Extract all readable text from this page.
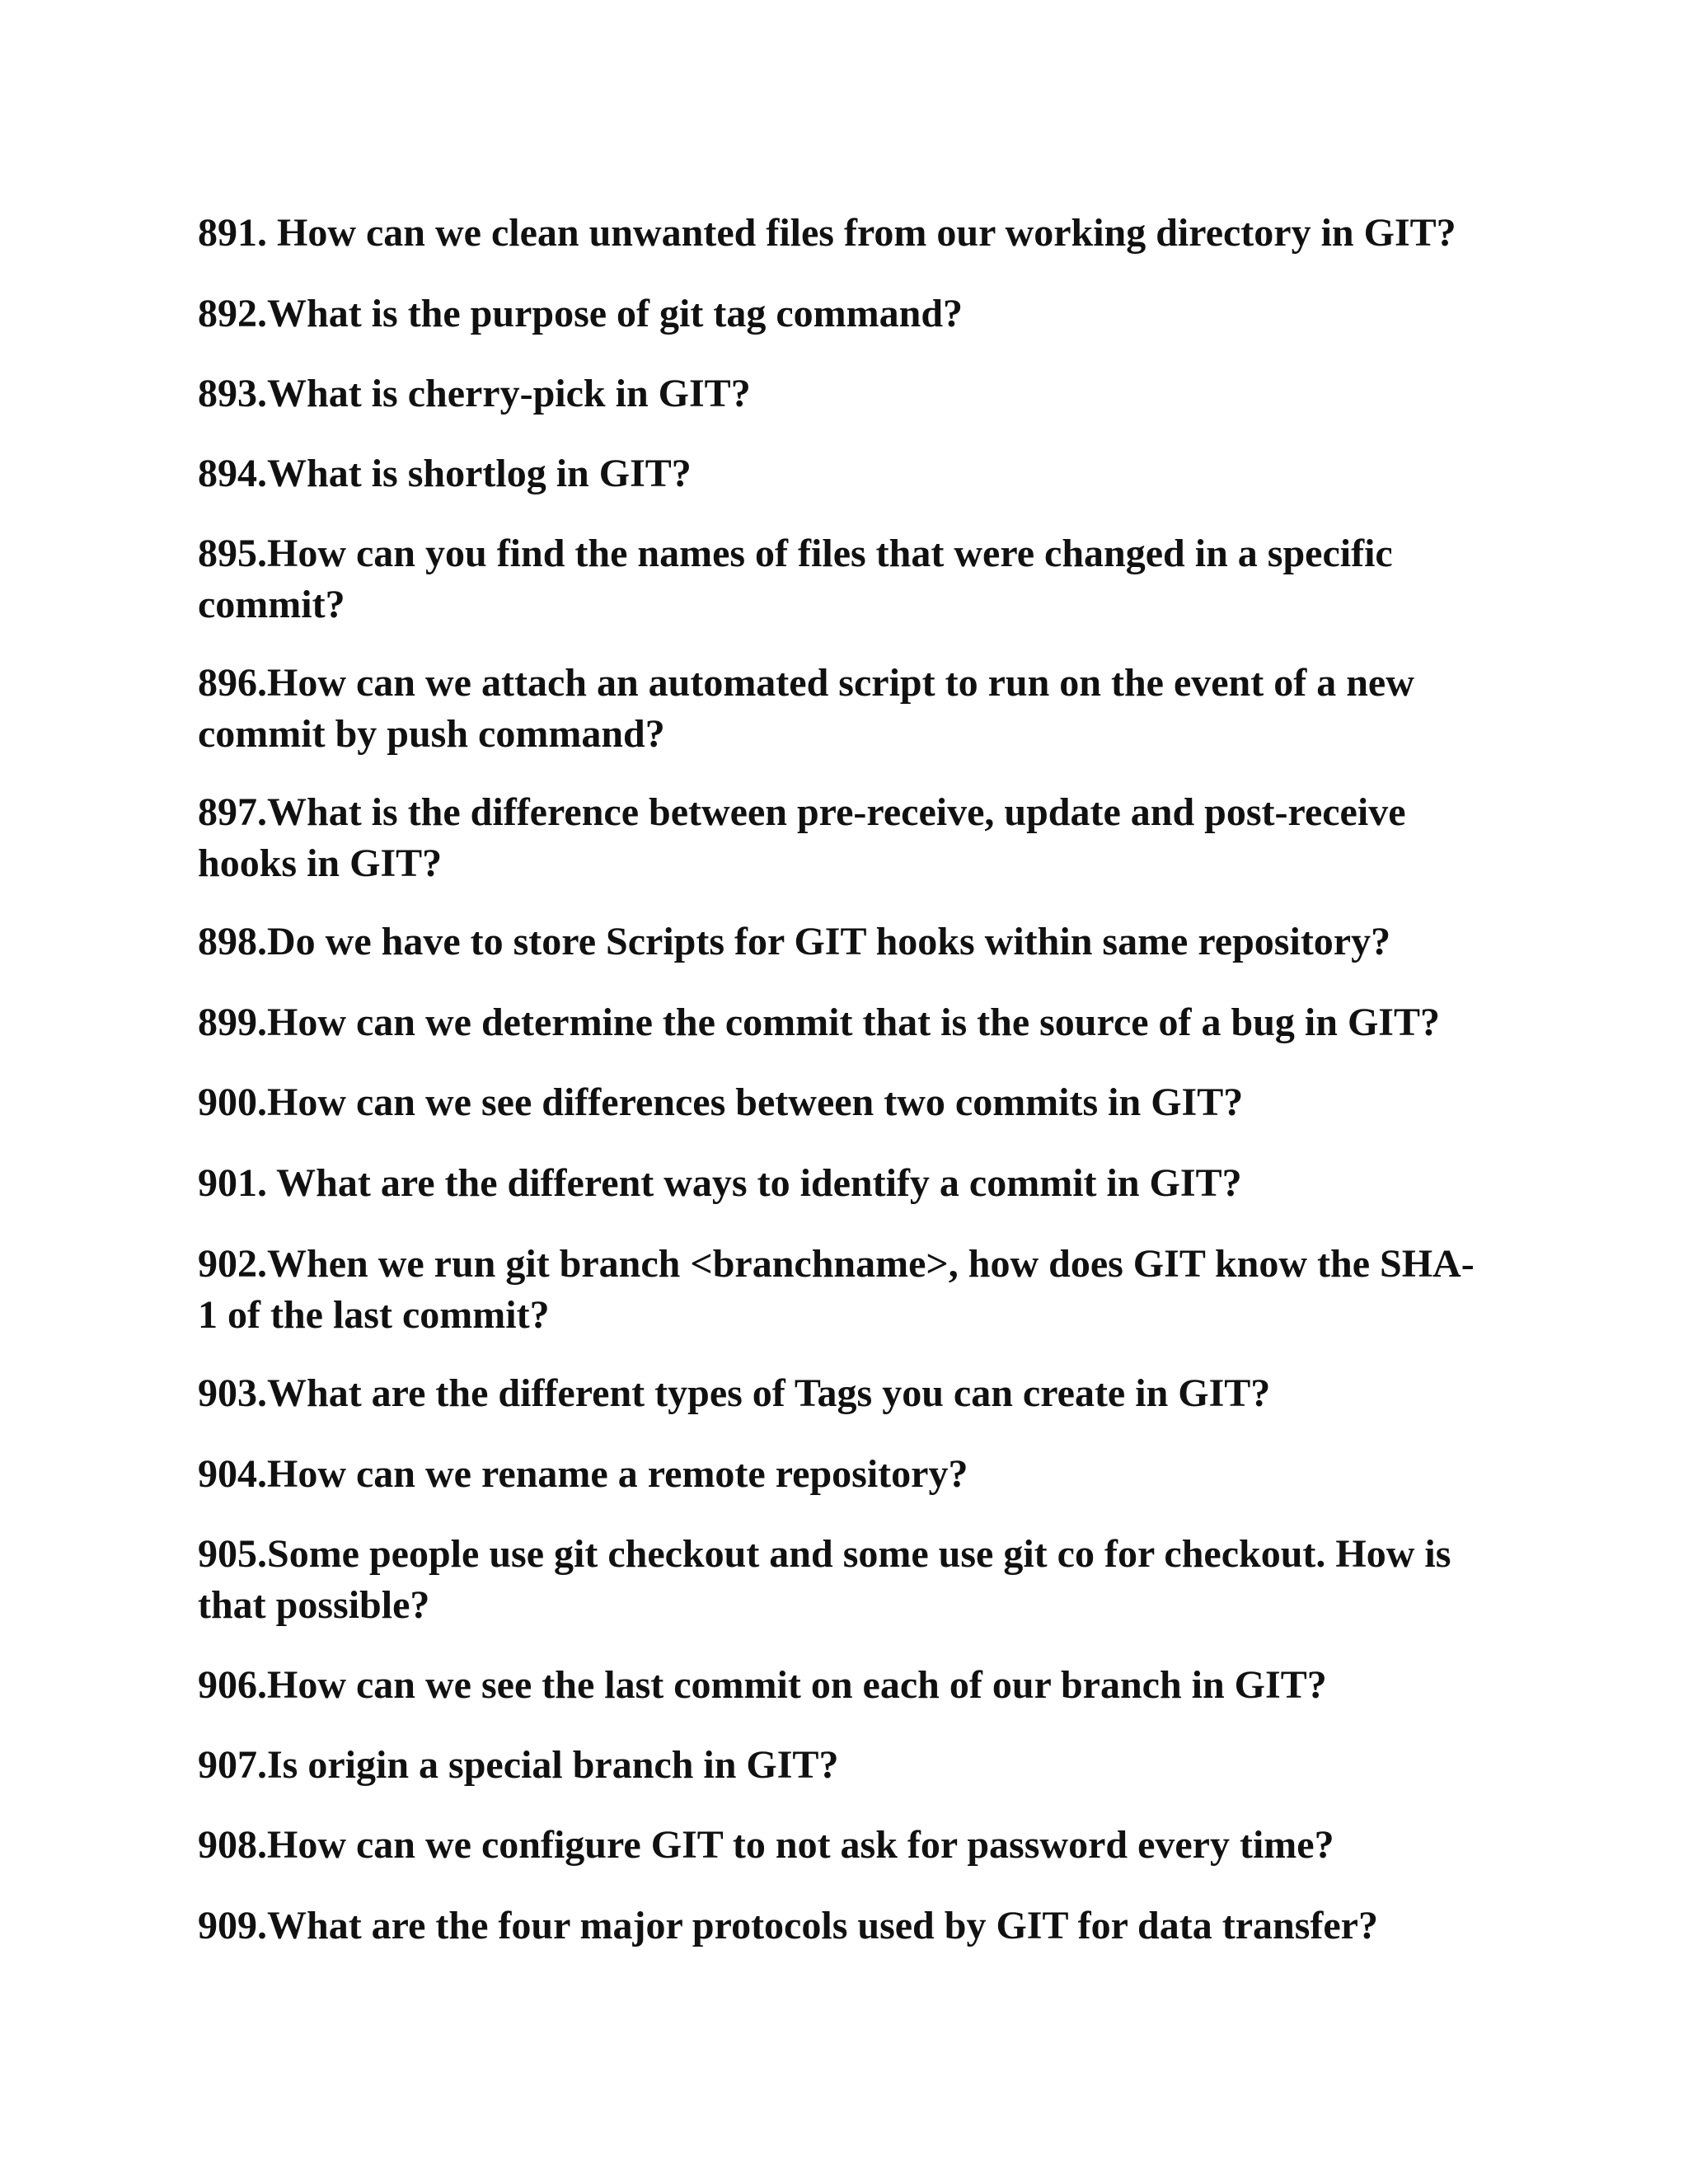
891. How can we clean unwanted files from our working directory in GIT?

892.What is the purpose of git tag command?

893.What is cherry-pick in GIT?

894.What is shortlog in GIT?

895.How can you find the names of files that were changed in a specific commit?

896.How can we attach an automated script to run on the event of a new commit by push command?

897.What is the difference between pre-receive, update and post-receive hooks in GIT?

898.Do we have to store Scripts for GIT hooks within same repository?

899.How can we determine the commit that is the source of a bug in GIT?

900.How can we see differences between two commits in GIT?

901. What are the different ways to identify a commit in GIT?

902.When we run git branch <branchname>, how does GIT know the SHA-1 of the last commit?

903.What are the different types of Tags you can create in GIT?

904.How can we rename a remote repository?

905.Some people use git checkout and some use git co for checkout. How is that possible?

906.How can we see the last commit on each of our branch in GIT?

907.Is origin a special branch in GIT?

908.How can we configure GIT to not ask for password every time?

909.What are the four major protocols used by GIT for data transfer?
